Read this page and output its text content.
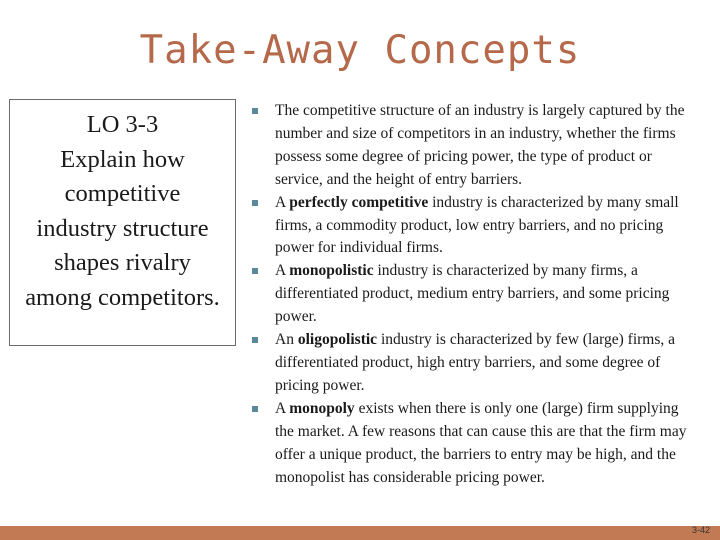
Take-Away Concepts
LO 3-3
Explain how
competitive
industry structure
shapes rivalry
among competitors.
The competitive structure of an industry is largely captured by the number and size of competitors in an industry, whether the firms possess some degree of pricing power, the type of product or service, and the height of entry barriers.
A perfectly competitive industry is characterized by many small firms, a commodity product, low entry barriers, and no pricing power for individual firms.
A monopolistic industry is characterized by many firms, a differentiated product, medium entry barriers, and some pricing power.
An oligopolistic industry is characterized by few (large) firms, a differentiated product, high entry barriers, and some degree of pricing power.
A monopoly exists when there is only one (large) firm supplying the market. A few reasons that can cause this are that the firm may offer a unique product, the barriers to entry may be high, and the monopolist has considerable pricing power.
3-42
